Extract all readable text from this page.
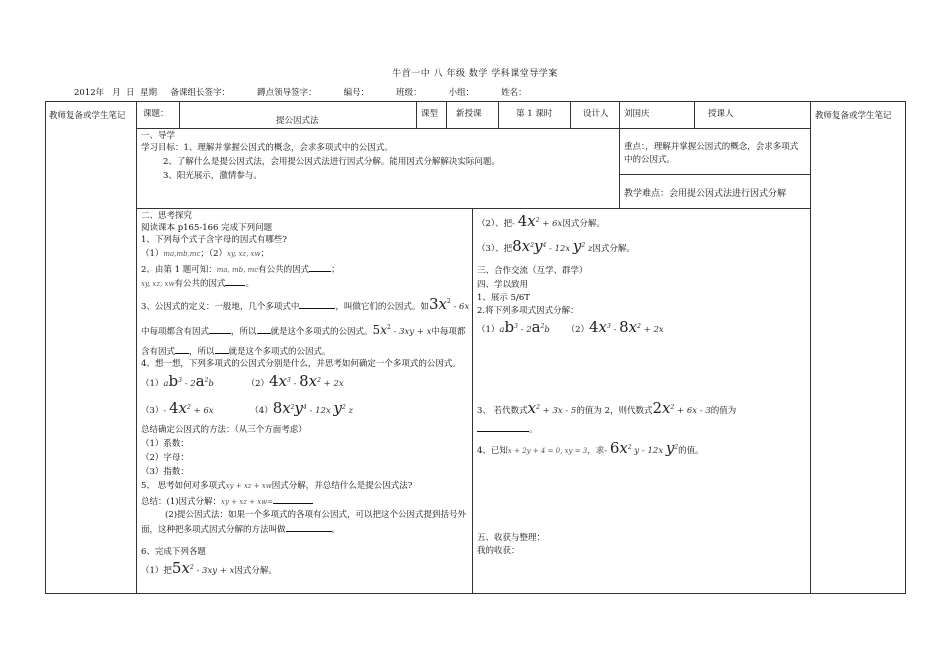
牛首一中 八 年级 数学 学科课堂导学案
2012年   月  日  星期     备课组长签字：          蹲点领导签字：          编号：          班级：          小组：          姓名：
教师复备或学生笔记	教师复备或学生笔记
课题：
提公因式法
课型 新授课	第 1 课时	设计人 刘国庆	授课人
一、导学
学习目标：1、理解并掌握公因式的概念，会求多项式中的公因式。
2、了解什么是提公因式法，会用提公因式法进行因式分解。能用因式分解解决实际问题。
3、阳光展示，激情参与。
重点：，理解并掌握公因式的概念，会求多项式中的公因式。
教学难点：会用提公因式法进行因式分解
二、思考探究
阅读课本 p165-166 完成下列问题
1、下列每个式子含字母的因式有哪些?
（1）ma,mb,mc；（2）xy, xz, xw；
2、由第 1 题可知：ma, mb, mc有公共的因式	；
xy, xz, xw有公共的因式 。
3、公因式的定义：一般地，几个多项式中	，叫做它们的公因式。如$3x^2 - 6x$
中每项都含有因式	，所以 就是这个多项式的公因式。$5x^2 - 3xy + x$中每项都
含有因式 ，所以 就是这个多项式的公因式。
4、想一想，下列多项式的公因式分别是什么，并思考如何确定一个多项式的公因式。
$(1)ab^3 - 2a^2b$	$(2)4x^3 - 8x^2 + 2x$
（3）- $4x^2 + 6x$	$(4)8x^2y^4 - 12x$ $y^2$ z
总结确定公因式的方法：（从三个方面考虑）
（1）系数：
（2）字母：
（3）指数：
5、 思考如何对多项式xy + xz + xw因式分解，并总结什么是提公因式法?
总结：(1)因式分解：xy + xz + xw=
(2)提公因式法：如果一个多项式的各项有公因式，可以把这个公因式提到括号外面，这种把多项式因式分解的方法叫做	。
6、完成下列各题
（1）把$5x^2 - 3xy + x$因式分解。
（2）、把- $4x^2 + 6x$因式分解。
（3）、把$8x^2y^4 - 12x$ $y^2$ z因式分解。
三、合作交流（互学、群学）
四、学以致用
1、展示 5/6T
2.将下列多项式因式分解：
$(1)ab^3 - 2a^2b$ $(2)4x^3 - 8x^2 + 2x$
3、 若代数式$x^2 + 3x - 5$的值为 2，则代数式$2x^2 + 6x - 3$的值为
。
4、已知x + 2y + 4 = 0, xy = 3，求- $6x^2$ y - 12x $y^2$的值。
五、收获与整理：
我的收获：
